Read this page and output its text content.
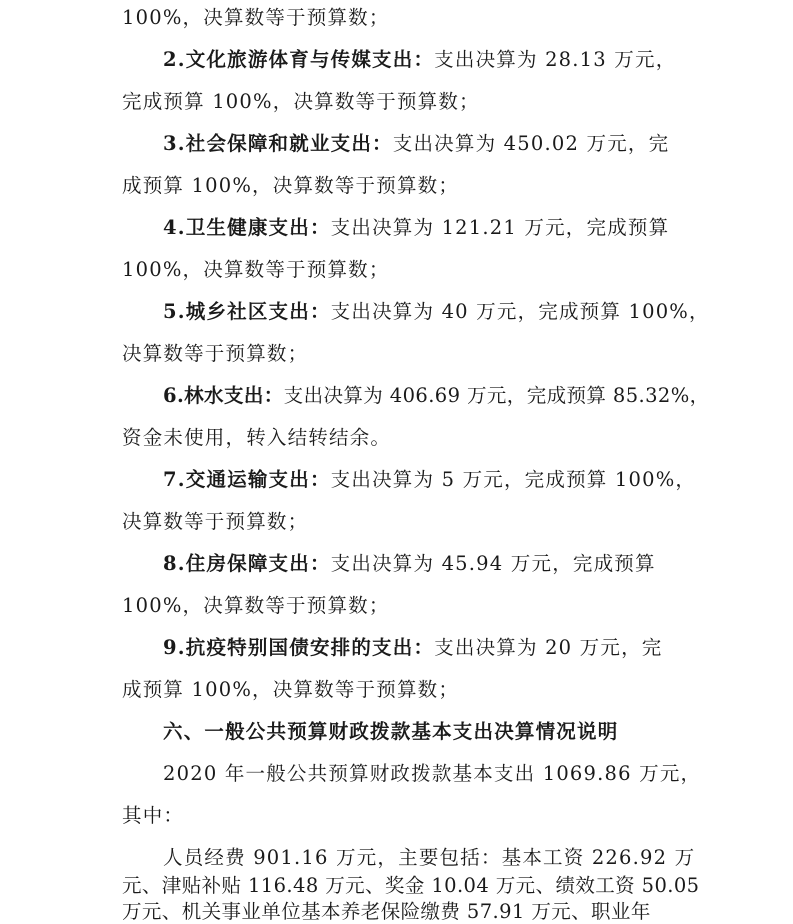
100%，决算数等于预算数；
2.文化旅游体育与传媒支出：支出决算为 28.13 万元，
完成预算 100%，决算数等于预算数；
3.社会保障和就业支出：支出决算为 450.02 万元，完
成预算 100%，决算数等于预算数；
4.卫生健康支出：支出决算为 121.21 万元，完成预算
100%，决算数等于预算数；
5.城乡社区支出：支出决算为 40 万元，完成预算 100%，
决算数等于预算数；
6.林水支出：支出决算为 406.69 万元，完成预算 85.32%，
资金未使用，转入结转结余。
7.交通运输支出：支出决算为 5 万元，完成预算 100%，
决算数等于预算数；
8.住房保障支出：支出决算为 45.94 万元，完成预算
100%，决算数等于预算数；
9.抗疫特别国债安排的支出：支出决算为 20 万元，完
成预算 100%，决算数等于预算数；
六、一般公共预算财政拨款基本支出决算情况说明
2020 年一般公共预算财政拨款基本支出 1069.86 万元，
其中：
人员经费 901.16 万元，主要包括：基本工资 226.92 万
元、津贴补贴 116.48 万元、奖金 10.04 万元、绩效工资 50.05
万元、机关事业单位基本养老保险缴费 57.91 万元、职业年
